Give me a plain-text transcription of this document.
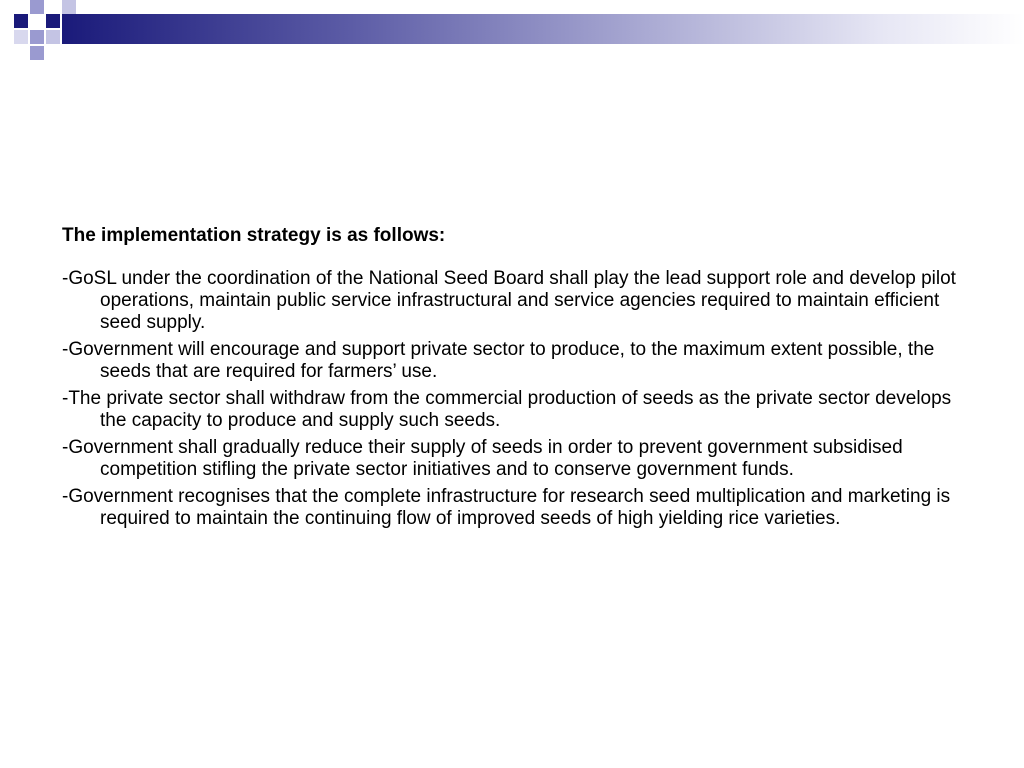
The implementation strategy is as follows:

-GoSL under the coordination of the National Seed Board shall play the lead support role and develop pilot operations, maintain public service infrastructural and service agencies required to maintain efficient seed supply.
-Government will encourage and support private sector to produce, to the maximum extent possible, the seeds that are required for farmers’ use.
-The private sector shall withdraw from the commercial production of seeds as the private sector develops the capacity to produce and supply such seeds.
-Government shall gradually reduce their supply of seeds in order to prevent government subsidised competition stifling the private sector initiatives and to conserve government funds.
-Government recognises that the complete infrastructure for research seed multiplication and marketing is required to maintain the continuing flow of improved seeds of high yielding rice varieties.
